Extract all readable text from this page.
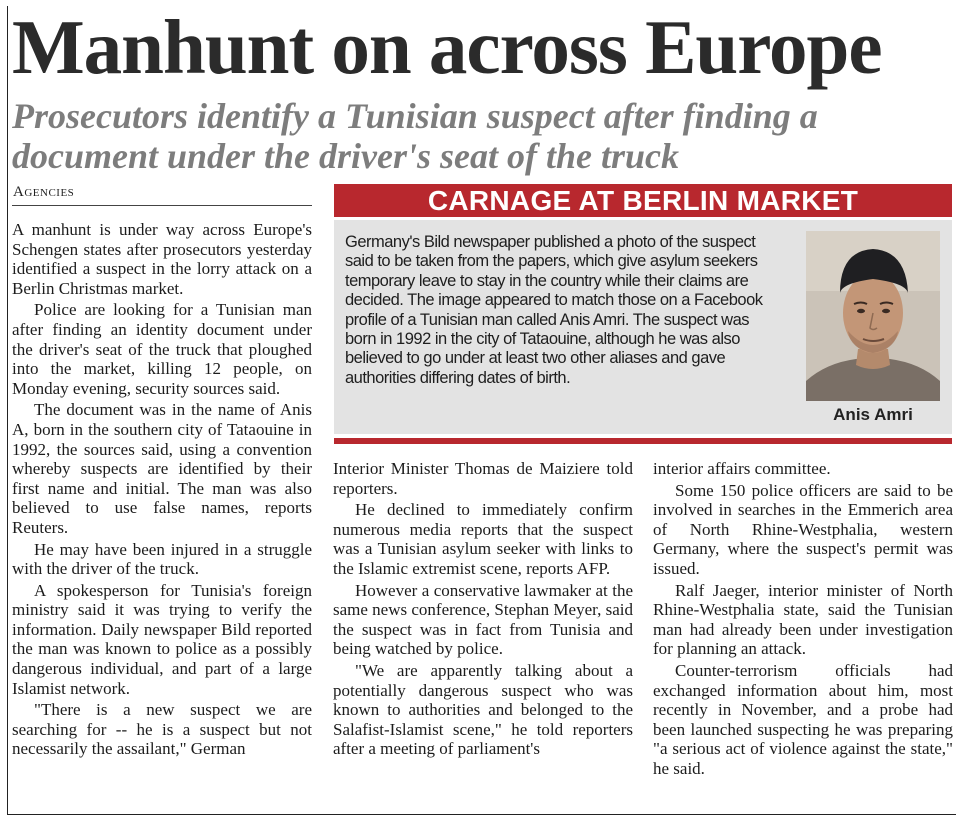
Manhunt on across Europe
Prosecutors identify a Tunisian suspect after finding a document under the driver's seat of the truck
Agencies

A manhunt is under way across Europe's Schengen states after prosecutors yesterday identified a suspect in the lorry attack on a Berlin Christmas market.

Police are looking for a Tunisian man after finding an identity document under the driver's seat of the truck that ploughed into the market, killing 12 people, on Monday evening, security sources said.

The document was in the name of Anis A, born in the southern city of Tataouine in 1992, the sources said, using a convention whereby suspects are identified by their first name and initial. The man was also believed to use false names, reports Reuters.

He may have been injured in a struggle with the driver of the truck.

A spokesperson for Tunisia's foreign ministry said it was trying to verify the information. Daily newspaper Bild reported the man was known to police as a possibly dangerous individual, and part of a large Islamist network.

"There is a new suspect we are searching for -- he is a suspect but not necessarily the assailant," German

CARNAGE AT BERLIN MARKET

Germany's Bild newspaper published a photo of the suspect said to be taken from the papers, which give asylum seekers temporary leave to stay in the country while their claims are decided. The image appeared to match those on a Facebook profile of a Tunisian man called Anis Amri. The suspect was born in 1992 in the city of Tataouine, although he was also believed to go under at least two other aliases and gave authorities differing dates of birth.

Anis Amri

Interior Minister Thomas de Maiziere told reporters.

He declined to immediately confirm numerous media reports that the suspect was a Tunisian asylum seeker with links to the Islamic extremist scene, reports AFP.

However a conservative lawmaker at the same news conference, Stephan Meyer, said the suspect was in fact from Tunisia and being watched by police.

"We are apparently talking about a potentially dangerous suspect who was known to authorities and belonged to the Salafist-Islamist scene," he told reporters after a meeting of parliament's

interior affairs committee.

Some 150 police officers are said to be involved in searches in the Emmerich area of North Rhine-Westphalia, western Germany, where the suspect's permit was issued.

Ralf Jaeger, interior minister of North Rhine-Westphalia state, said the Tunisian man had already been under investigation for planning an attack.

Counter-terrorism officials had exchanged information about him, most recently in November, and a probe had been launched suspecting he was preparing "a serious act of violence against the state," he said.
